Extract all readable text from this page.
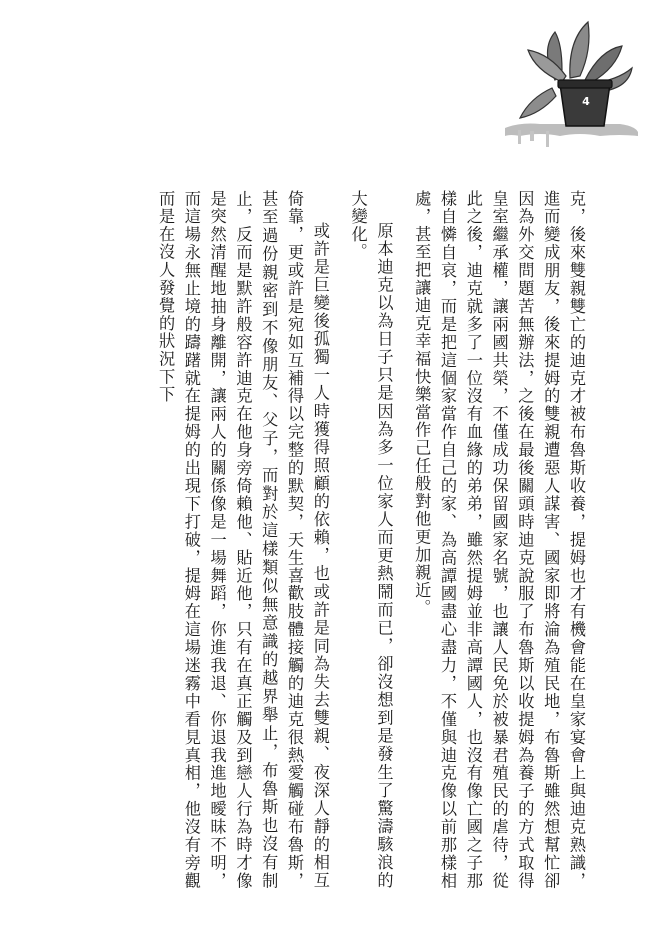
4

克，後來雙親雙亡的迪克才被布魯斯收養，提姆也才有機會能在皇家宴會上與迪克熟識，進而變成朋友，後來提姆的雙親遭惡人謀害、國家即將淪為殖民地，布魯斯雖然想幫忙卻因為外交問題苦無辦法，之後在最後關頭時迪克說服了布魯斯以收提姆為養子的方式取得皇室繼承權，讓兩國共榮，不僅成功保留國家名號，也讓人民免於被暴君殖民的虐待，從此之後，迪克就多了一位沒有血緣的弟弟，雖然提姆並非高譚國人，也沒有像亡國之子那樣自憐自哀，而是把這個家當作自己的家、為高譚國盡心盡力，不僅與迪克像以前那樣相處，甚至把讓迪克幸福快樂當作己任般對他更加親近。

原本迪克以為日子只是因為多一位家人而更熱鬧而已，卻沒想到是發生了驚濤駭浪的大變化。

或許是巨變後孤獨一人時獲得照顧的依賴，也或許是同為失去雙親、夜深人靜的相互倚靠，更或許是宛如互補得以完整的默契，天生喜歡肢體接觸的迪克很熱愛觸碰布魯斯，甚至過份親密到不像朋友、父子，而對於這樣類似無意識的越界舉止，布魯斯也沒有制止，反而是默許般容許迪克在他身旁倚賴他、貼近他，只有在真正觸及到戀人行為時才像是突然清醒地抽身離開，讓兩人的關係像是一場舞蹈，你進我退、你退我進地曖昧不明，而這場永無止境的躊躇就在提姆的出現下打破，提姆在這場迷霧中看見真相，他沒有旁觀而是在沒人發覺的狀況下下
